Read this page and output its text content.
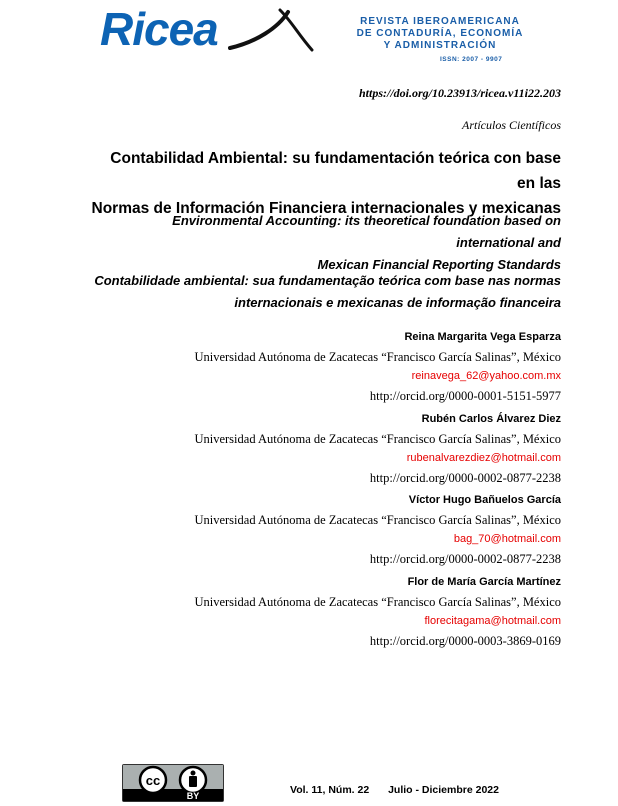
Ricea	REVISTA IBEROAMERICANA
DE CONTADURÍA, ECONOMÍA
Y ADMINISTRACIÓN
ISSN: 2007 - 9907
https://doi.org/10.23913/ricea.v11i22.203
Artículos Científicos
Contabilidad Ambiental: su fundamentación teórica con base en las
Normas de Información Financiera internacionales y mexicanas
Environmental Accounting: its theoretical foundation based on international and
Mexican Financial Reporting Standards
Contabilidade ambiental: sua fundamentação teórica com base nas normas
internacionais e mexicanas de informação financeira
Reina Margarita Vega Esparza
Universidad Autónoma de Zacatecas “Francisco García Salinas”, México
reinavega_62@yahoo.com.mx
http://orcid.org/0000-0001-5151-5977
Rubén Carlos Álvarez Diez
Universidad Autónoma de Zacatecas “Francisco García Salinas”, México
rubenalvarezdiez@hotmail.com
http://orcid.org/0000-0002-0877-2238
Víctor Hugo Bañuelos García
Universidad Autónoma de Zacatecas “Francisco García Salinas”, México
bag_70@hotmail.com
http://orcid.org/0000-0002-0877-2238
Flor de María García Martínez
Universidad Autónoma de Zacatecas “Francisco García Salinas”, México
florecitagama@hotmail.com
http://orcid.org/0000-0003-3869-0169
cc
BY	Vol. 11, Núm. 22 Julio - Diciembre 2022
